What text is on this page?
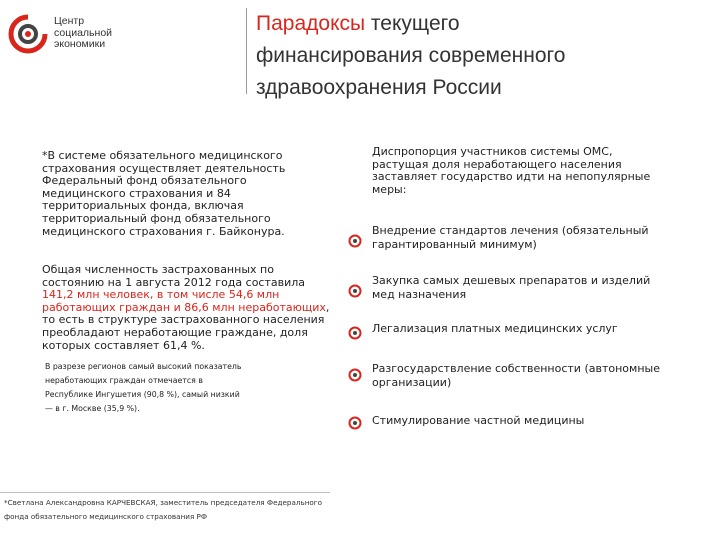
Центр
социальной
экономики
Парадоксы текущего
финансирования современного
здравоохранения России

*В системе обязательного медицинского страхования осуществляет деятельность Федеральный фонд обязательного медицинского страхования и 84 территориальных фонда, включая территориальный фонд обязательного медицинского страхования г. Байконура.

Общая численность застрахованных по состоянию на 1 августа 2012 года составила 141,2 млн человек, в том числе 54,6 млн работающих граждан и 86,6 млн неработающих, то есть в структуре застрахованного населения преобладают неработающие граждане, доля которых составляет 61,4 %.

В разрезе регионов самый высокий показатель неработающих граждан отмечается в Республике Ингушетия (90,8 %), самый низкий — в г. Москве (35,9 %).

*Светлана Александровна КАРЧЕВСКАЯ, заместитель председателя Федерального фонда обязательного медицинского страхования РФ

Диспропорция участников системы ОМС, растущая доля неработающего населения заставляет государство идти на непопулярные меры:

Внедрение стандартов лечения (обязательный гарантированный минимум)
Закупка самых дешевых препаратов и изделий мед назначения
Легализация платных медицинских услуг
Разгосударствление собственности (автономные организации)
Стимулирование частной медицины
